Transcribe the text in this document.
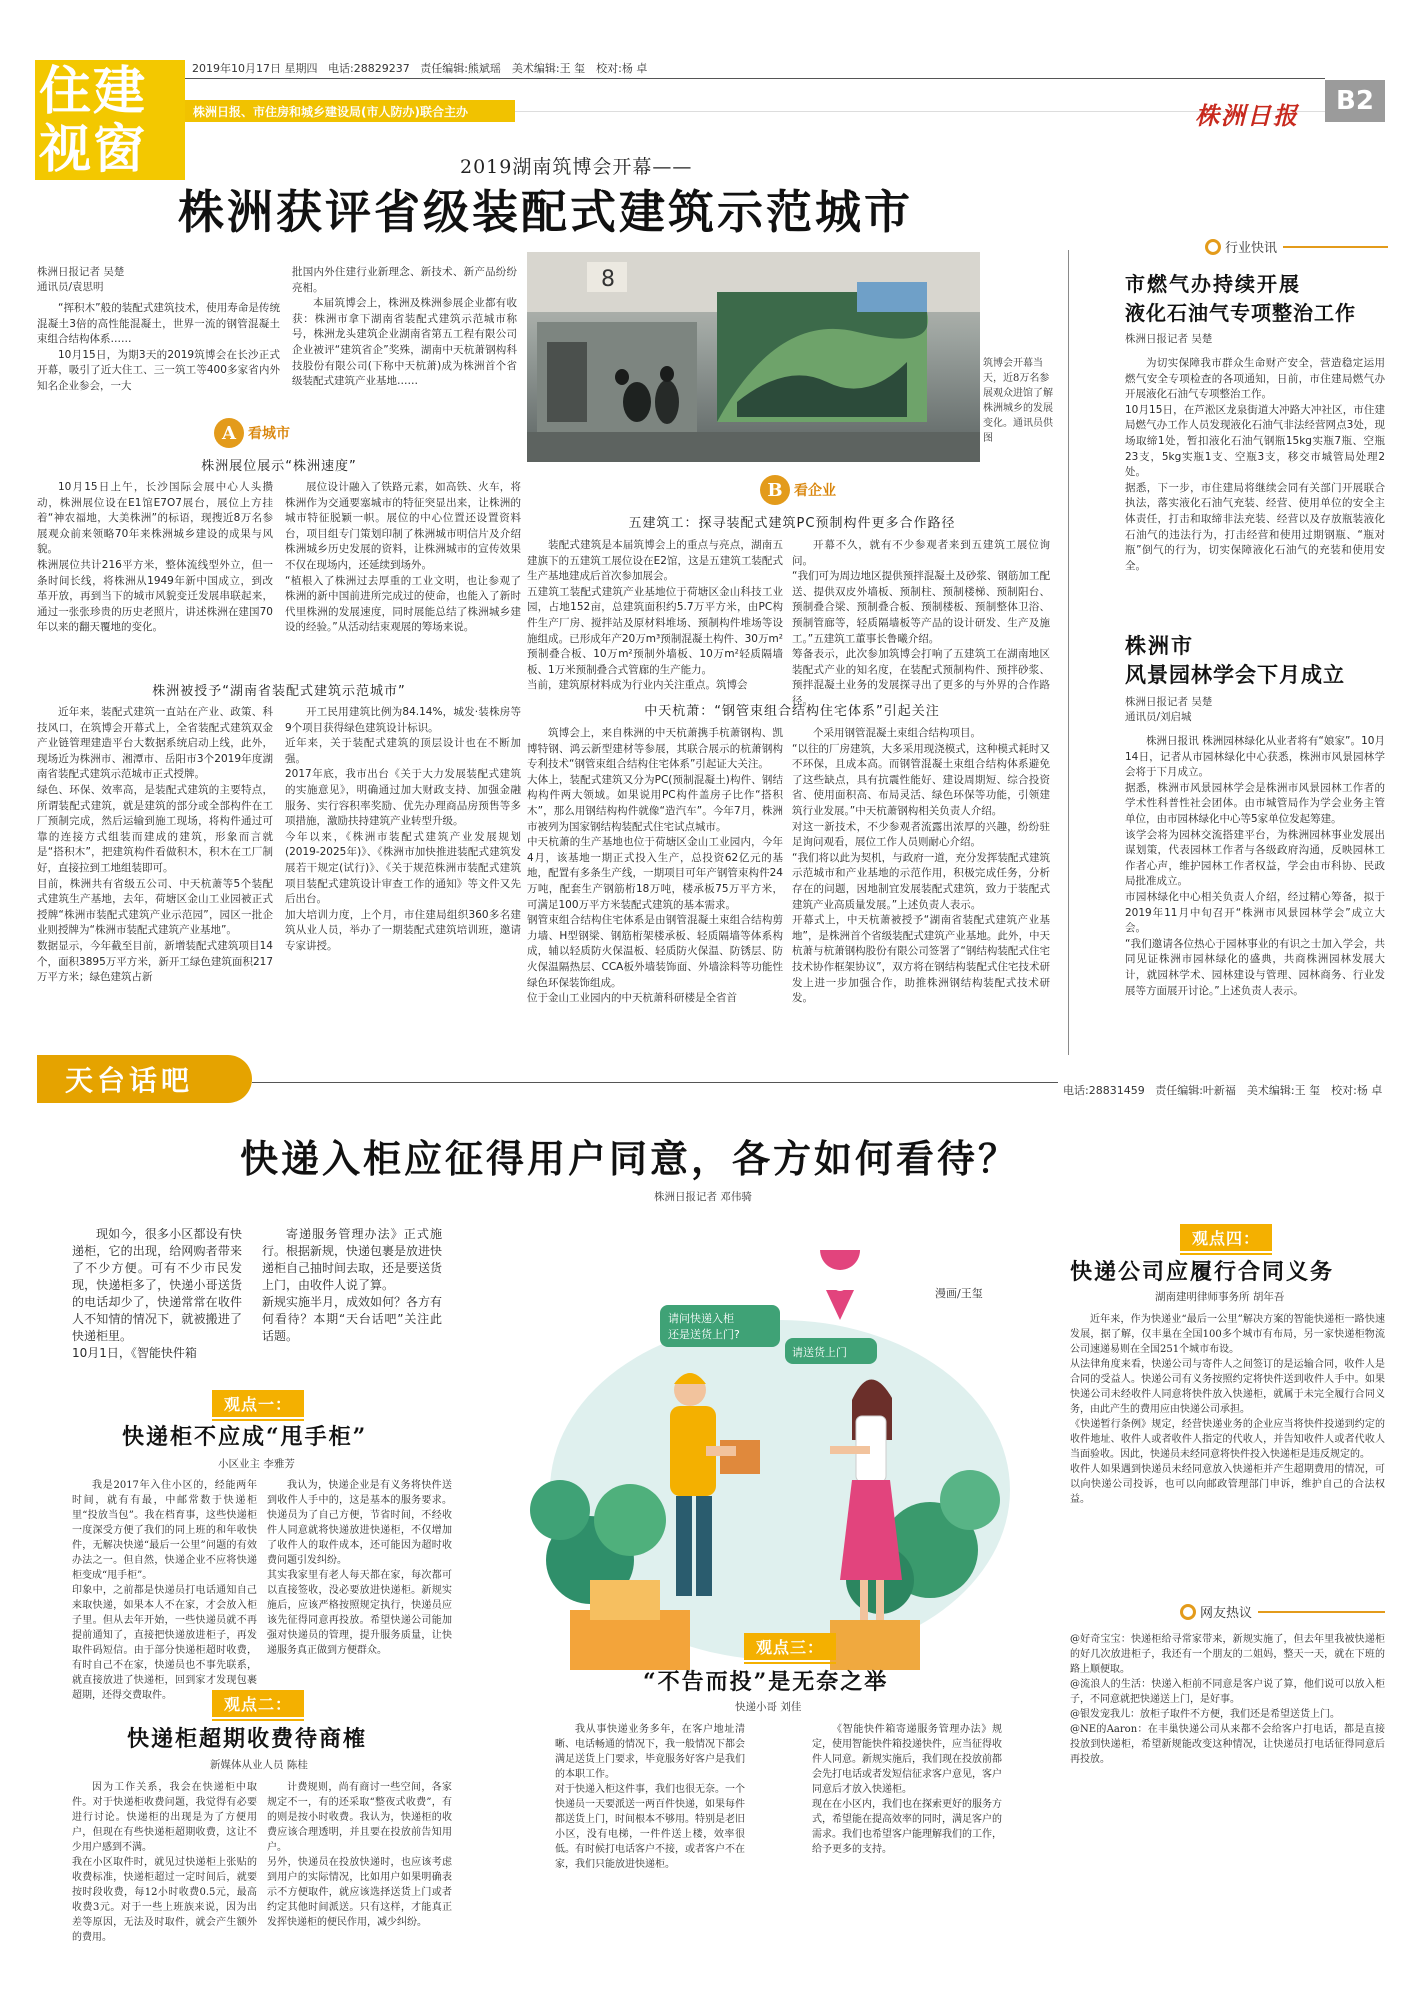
住建
视窗
2019年10月17日 星期四 电话:28829237 责任编辑:熊斌瑶　美术编辑:王 玺　校对:杨 卓
株洲日报、市住房和城乡建设局(市人防办)联合主办	株洲日报 B2
2019湖南筑博会开幕——
株洲获评省级装配式建筑示范城市
株洲日报记者 吴楚
通讯员/袁思明

“挥积木”般的装配式建筑技术，使用寿命是传统混凝土3倍的高性能混凝土，世界一流的钢管混凝土束组合结构体系……

10月15日，为期3天的2019筑博会在长沙正式开幕，吸引了近大住工、三一筑工等400多家省内外知名企业参会，一大

批国内外住建行业新理念、新技术、新产品纷纷亮相。

本届筑博会上，株洲及株洲参展企业都有收获：株洲市拿下湖南省装配式建筑示范城市称号，株洲龙头建筑企业湖南省第五工程有限公司企业被评“建筑省企”奖殊，湖南中天杭萧钢构科技股份有限公司(下称中天杭萧)成为株洲首个省级装配式建筑产业基地……

8
筑博会开幕当天，近8万名参展观众进馆了解株洲城乡的发展变化。通讯员供图
A 看城市
株洲展位展示“株洲速度”

10月15日上午，长沙国际会展中心人头攒动，株洲展位设在E1馆E7O7展台，展位上方挂着“神农福地，大美株洲”的标语，现搜近8万名参展观众前来领略70年来株洲城乡建设的成果与风貌。
株洲展位共计216平方米，整体流线型外立，但一条时间长线，将株洲从1949年新中国成立，到改革开放，再到当下的城市风貌变迁发展串联起来，通过一张张珍贵的历史老照片，讲述株洲在建国70年以来的翻天覆地的变化。

展位设计融入了铁路元素，如高铁、火车，将株洲作为交通要塞城市的特征突显出来，让株洲的城市特征脱颖一帜。展位的中心位置还设置资料台，项目组专门策划印制了株洲城市明信片及介绍株洲城乡历史发展的资料，让株洲城市的宣传效果不仅在现场内，还延续到场外。
“植根入了株洲过去厚重的工业文明，也让参观了株洲的新中国前进所完成过的使命，也能入了新时代里株洲的发展速度，同时展能总结了株洲城乡建设的经验。”从活动结束观展的筹场来说。

株洲被授予“湖南省装配式建筑示范城市”

近年来，装配式建筑一直站在产业、政策、科技风口，在筑博会开幕式上，全省装配式建筑双金产业链管理建造平台大数据系统启动上线，此外，现场近为株洲市、湘潭市、岳阳市3个2019年度湖南省装配式建筑示范城市正式授牌。
绿色、环保、效率高，是装配式建筑的主要特点，所谓装配式建筑，就是建筑的部分或全部构件在工厂预制完成，然后运输到施工现场，将构件通过可靠的连接方式组装而建成的建筑，形象而言就是“搭积木”，把建筑构件看做积木，积木在工厂制好，直接拉到工地组装即可。
目前，株洲共有省级五公司、中天杭萧等5个装配式建筑生产基地，去年，荷塘区金山工业园被正式授牌“株洲市装配式建筑产业示范园”，园区一批企业则授牌为“株洲市装配式建筑产业基地”。
数据显示，今年截至目前，新增装配式建筑项目14个，面积3895万平方米，新开工绿色建筑面积217万平方米；绿色建筑占新

开工民用建筑比例为84.14%，城发·装株房等9个项目获得绿色建筑设计标识。
近年来，关于装配式建筑的顶层设计也在不断加强。
2017年底，我市出台《关于大力发展装配式建筑的实施意见》，明确通过加大财政支持、加强金融服务、实行容积率奖励、优先办理商品房预售等多项措施，激励扶持建筑产业转型升级。
今年以来，《株洲市装配式建筑产业发展规划(2019-2025年)》、《株洲市加快推进装配式建筑发展若干规定(试行)》、《关于规范株洲市装配式建筑项目装配式建筑设计审查工作的通知》等文件又先后出台。
加大培训力度，上个月，市住建局组织360多名建筑从业人员，举办了一期装配式建筑培训班，邀请专家讲授。

B 看企业
五建筑工：探寻装配式建筑PC预制构件更多合作路径

装配式建筑是本届筑博会上的重点与亮点，湖南五建旗下的五建筑工展位设在E2馆，这是五建筑工装配式生产基地建成后首次参加展会。
五建筑工装配式建筑产业基地位于荷塘区金山科技工业园，占地152亩，总建筑面积约5.7万平方米，由PC构件生产厂房、搅拌站及原材料堆场、预制构件堆场等设施组成。已形成年产20万m³预制混凝土构件、30万m²预制叠合板、10万m²预制外墙板、10万m²轻质隔墙板、1万米预制叠合式管廊的生产能力。
当前，建筑原材料成为行业内关注重点。筑博会

开幕不久，就有不少参观者来到五建筑工展位询问。
“我们可为周边地区提供预拌混凝土及砂浆、钢筋加工配送、提供双皮外墙板、预制柱、预制楼梯、预制阳台、预制叠合梁、预制叠合板、预制楼板、预制整体卫浴、预制管廊等，轻质隔墙板等产品的设计研发、生产及施工。”五建筑工董事长鲁曦介绍。
筹备表示，此次参加筑博会打响了五建筑工在湖南地区装配式产业的知名度，在装配式预制构件、预拌砂浆、预拌混凝土业务的发展探寻出了更多的与外界的合作路径。

中天杭萧：“钢管束组合结构住宅体系”引起关注

筑博会上，来自株洲的中天杭萧携手杭萧钢构、凯博特钢、鸿云新型建材等参展，其联合展示的杭萧钢构专利技术“钢管束组合结构住宅体系”引起证大关注。
大体上，装配式建筑又分为PC(预制混凝土)构件、钢结构构件两大领域。如果说用PC构件盖房子比作“搭积木”，那么用钢结构构件就像“造汽车”。今年7月，株洲市被列为国家钢结构装配式住宅试点城市。
中天杭萧的生产基地也位于荷塘区金山工业园内，今年4月，该基地一期正式投入生产，总投资62亿元的基地，配置有多条生产线，一期项目可年产钢管束构件24万吨，配套生产钢筋桁18万吨，楼承板75万平方米，可满足100万平方米装配式建筑的基本需求。
钢管束组合结构住宅体系是由钢管混凝土束组合结构剪力墙、H型钢梁、钢筋桁架楼承板、轻质隔墙等体系构成，辅以轻质防火保温板、轻质防火保温、防锈层、防火保温隔热层、CCA板外墙装饰面、外墙涂料等功能性绿色环保装饰组成。
位于金山工业园内的中天杭萧科研楼是全省首

个采用钢管混凝土束组合结构项目。
“以往的厂房建筑，大多采用现浇模式，这种模式耗时又不环保，且成本高。而钢管混凝土束组合结构体系避免了这些缺点，具有抗震性能好、建设周期短、综合投资省、使用面积高、布局灵活、绿色环保等功能，引领建筑行业发展。”中天杭萧钢构相关负责人介绍。
对这一新技术，不少参观者流露出浓厚的兴趣，纷纷驻足询问观看，展位工作人员则耐心介绍。
“我们将以此为契机，与政府一道，充分发挥装配式建筑示范城市和产业基地的示范作用，积极完成任务，分析存在的问题，因地制宜发展装配式建筑，致力于装配式建筑产业高质量发展。”上述负责人表示。
开幕式上，中天杭萧被授予“湖南省装配式建筑产业基地”，是株洲首个省级装配式建筑产业基地。此外，中天杭萧与杭萧钢构股份有限公司签署了“钢结构装配式住宅技术协作框架协议”，双方将在钢结构装配式住宅技术研发上进一步加强合作，助推株洲钢结构装配式技术研发。

行业快讯
市燃气办持续开展
液化石油气专项整治工作
株洲日报记者 吴楚

为切实保障我市群众生命财产安全，营造稳定运用燃气安全专项检查的各项通知，日前，市住建局燃气办开展液化石油气专项整治工作。
10月15日，在芦淞区龙泉街道大冲路大冲社区，市住建局燃气办工作人员发现液化石油气非法经营网点3处，现场取缔1处，暂扣液化石油气钢瓶15kg实瓶7瓶、空瓶23支，5kg实瓶1支、空瓶3支，移交市城管局处理2处。
据悉，下一步，市住建局将继续会同有关部门开展联合执法，落实液化石油气充装、经营、使用单位的安全主体责任，打击和取缔非法充装、经营以及存放瓶装液化石油气的违法行为，打击经营和使用过期钢瓶、“瓶对瓶”倒气的行为，切实保障液化石油气的充装和使用安全。

株洲市
风景园林学会下月成立
株洲日报记者 吴楚
通讯员/刘启城

株洲日报讯 株洲园林绿化从业者将有“娘家”。10月14日，记者从市园林绿化中心获悉，株洲市风景园林学会将于下月成立。
据悉，株洲市风景园林学会是株洲市风景园林工作者的学术性科普性社会团体。由市城管局作为学会业务主管单位，由市园林绿化中心等5家单位发起筹建。
该学会将为园林交流搭建平台，为株洲园林事业发展出谋划策，代表园林工作者与各级政府沟通，反映园林工作者心声，维护园林工作者权益，学会由市科协、民政局批准成立。
市园林绿化中心相关负责人介绍，经过精心筹备，拟于2019年11月中旬召开“株洲市风景园林学会”成立大会。
“我们邀请各位热心于园林事业的有识之士加入学会，共同见证株洲市园林绿化的盛典，共商株洲园林发展大计，就园林学术、园林建设与管理、园林商务、行业发展等方面展开讨论。”上述负责人表示。

天台话吧	电话:28831459 责任编辑:叶新福　美术编辑:王 玺　校对:杨 卓
快递入柜应征得用户同意，各方如何看待？
株洲日报记者 邓伟骑

现如今，很多小区都设有快递柜，它的出现，给网购者带来了不少方便。可有不少市民发现，快递柜多了，快递小哥送货的电话却少了，快递常常在收件人不知情的情况下，就被搬进了快递柜里。
10月1日，《智能快件箱

寄递服务管理办法》正式施行。根据新规，快递包裹是放进快递柜自己抽时间去取，还是要送货上门，由收件人说了算。
新规实施半月，成效如何？各方有何看待？本期“天台话吧”关注此话题。

请问快递入柜
还是送货上门?
请送货上门
漫画/王玺
观点一：
快递柜不应成“甩手柜”
小区业主 李雅芳

我是2017年入住小区的，经能两年时间，就有有最，中邮常数于快递柜里“投放当包”。我在档育事，这些快递柜一度深受方便了我们的同上班的和年收快件，无解决快递“最后一公里”问题的有效办法之一。但自然，快递企业不应将快递柜变成“甩手柜”。
印象中，之前都是快递员打电话通知自己来取快递，如果本人不在家，才会放入柜子里。但从去年开始，一些快递员就不再提前通知了，直接把快递放进柜子，再发取件码短信。由于部分快递柜超时收费，有时自己不在家，快递员也不事先联系，就直接放进了快递柜，回到家才发现包裹超期，还得交费取件。

我认为，快递企业是有义务将快件送到收件人手中的，这是基本的服务要求。快递员为了自己方便，节省时间，不经收件人同意就将快递放进快递柜，不仅增加了收件人的取件成本，还可能因为超时收费问题引发纠纷。
其实我家里有老人每天都在家，每次都可以直接签收，没必要放进快递柜。新规实施后，应该严格按照规定执行，快递员应该先征得同意再投放。希望快递公司能加强对快递员的管理，提升服务质量，让快递服务真正做到方便群众。

观点二：
快递柜超期收费待商榷
新媒体从业人员 陈桂

因为工作关系，我会在快递柜中取件。对于快递柜收费问题，我觉得有必要进行讨论。快递柜的出现是为了方便用户，但现在有些快递柜超期收费，这让不少用户感到不满。
我在小区取件时，就见过快递柜上张贴的收费标准，快递柜超过一定时间后，就要按时段收费，每12小时收费0.5元，最高收费3元。对于一些上班族来说，因为出差等原因，无法及时取件，就会产生额外的费用。

计费规则，尚有商讨一些空间，各家规定不一，有的还采取“整夜式收费”，有的则是按小时收费。我认为，快递柜的收费应该合理透明，并且要在投放前告知用户。
另外，快递员在投放快递时，也应该考虑到用户的实际情况，比如用户如果明确表示不方便取件，就应该选择送货上门或者约定其他时间派送。只有这样，才能真正发挥快递柜的便民作用，减少纠纷。

观点三：
“不告而投”是无奈之举
快递小哥 刘佳

我从事快递业务多年，在客户地址清晰、电话畅通的情况下，我一般情况下都会满足送货上门要求，毕竟服务好客户是我们的本职工作。
对于快递入柜这件事，我们也很无奈。一个快递员一天要派送一两百件快递，如果每件都送货上门，时间根本不够用。特别是老旧小区，没有电梯，一件件送上楼，效率很低。有时候打电话客户不接，或者客户不在家，我们只能放进快递柜。

《智能快件箱寄递服务管理办法》规定，使用智能快件箱投递快件，应当征得收件人同意。新规实施后，我们现在投放前都会先打电话或者发短信征求客户意见，客户同意后才放入快递柜。
现在在小区内，我们也在探索更好的服务方式，希望能在提高效率的同时，满足客户的需求。我们也希望客户能理解我们的工作，给予更多的支持。

观点四：
快递公司应履行合同义务
湖南建明律师事务所 胡年吾

近年来，作为快递业“最后一公里”解决方案的智能快递柜一路快速发展，据了解，仅丰巢在全国100多个城市有布局，另一家快递柜物流公司速递易则在全国251个城市布设。
从法律角度来看，快递公司与寄件人之间签订的是运输合同，收件人是合同的受益人。快递公司有义务按照约定将快件送到收件人手中。如果快递公司未经收件人同意将快件放入快递柜，就属于未完全履行合同义务，由此产生的费用应由快递公司承担。
《快递暂行条例》规定，经营快递业务的企业应当将快件投递到约定的收件地址、收件人或者收件人指定的代收人，并告知收件人或者代收人当面验收。因此，快递员未经同意将快件投入快递柜是违反规定的。
收件人如果遇到快递员未经同意放入快递柜并产生超期费用的情况，可以向快递公司投诉，也可以向邮政管理部门申诉，维护自己的合法权益。

网友热议

@好奇宝宝：快递柜给寻常家带来，新规实施了，但去年里我被快递柜的好几次放进柜子，我还有一个朋友的二姐妈，整天一天，就在下班的路上顺便取。
@流浪人的生活：快递入柜前不同意是客户说了算，他们说可以放入柜子，不同意就把快递送上门，是好事。
@银发宠我儿：放柜子取件不方便，我们还是希望送货上门。
@NE的Aaron：在丰巢快递公司从来都不会给客户打电话，都是直接投放到快递柜，希望新规能改变这种情况，让快递员打电话征得同意后再投放。
